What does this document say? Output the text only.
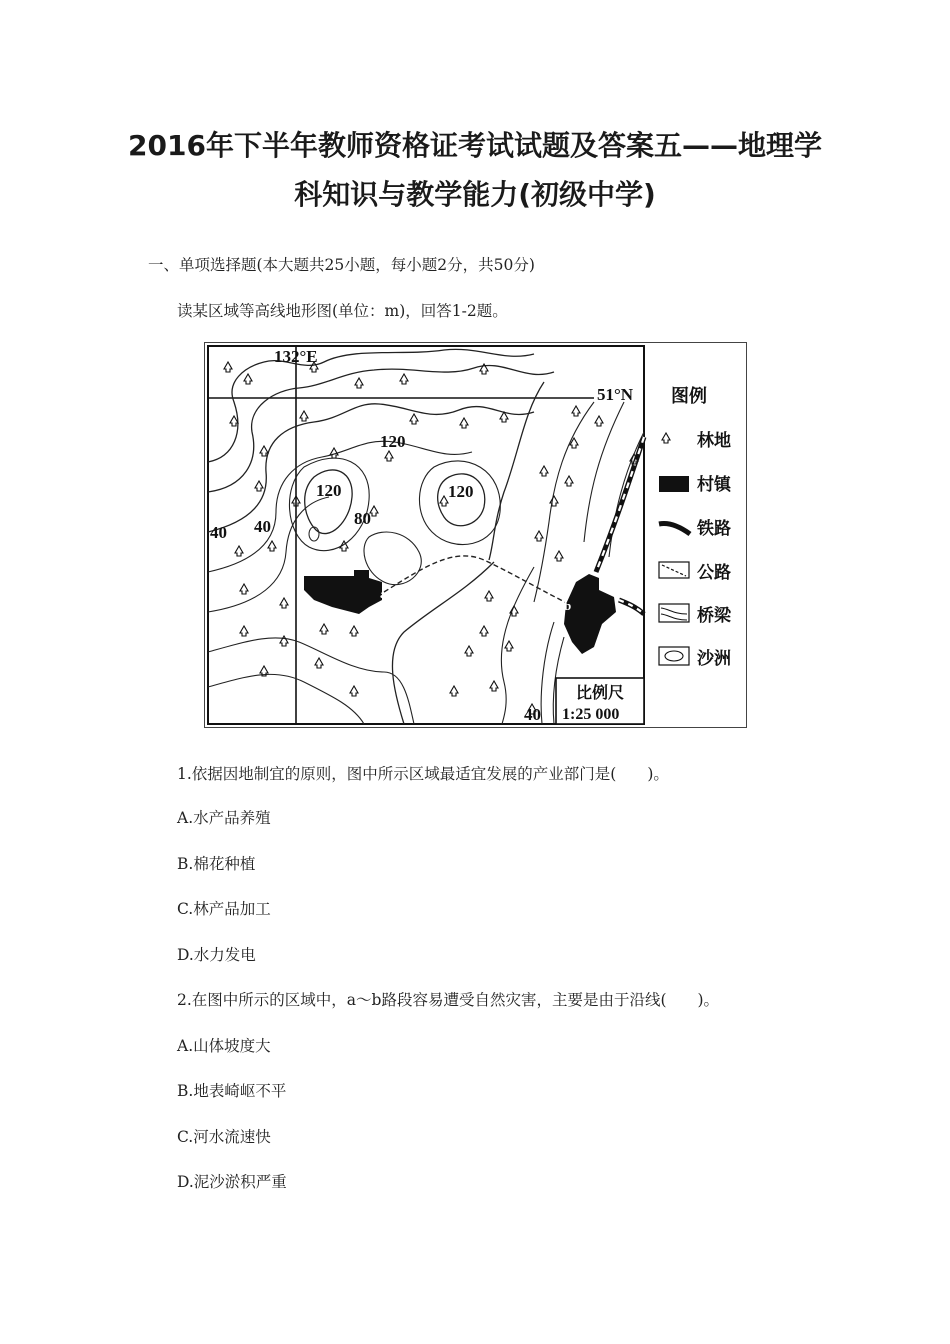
2016年下半年教师资格证考试试题及答案五——地理学
科知识与教学能力(初级中学)
一、单项选择题(本大题共25小题，每小题2分，共50分)
读某区域等高线地形图(单位：m)，回答1-2题。
132°E
51°N
120
120	120
80
40 40
40
a
b
图例
林地
村镇
铁路
公路
桥梁
沙洲
比例尺
1:25 000
1.依据因地制宜的原则，图中所示区域最适宜发展的产业部门是(　　)。
A.水产品养殖
B.棉花种植
C.林产品加工
D.水力发电
2.在图中所示的区域中，a～b路段容易遭受自然灾害，主要是由于沿线(　　)。
A.山体坡度大
B.地表崎岖不平
C.河水流速快
D.泥沙淤积严重
